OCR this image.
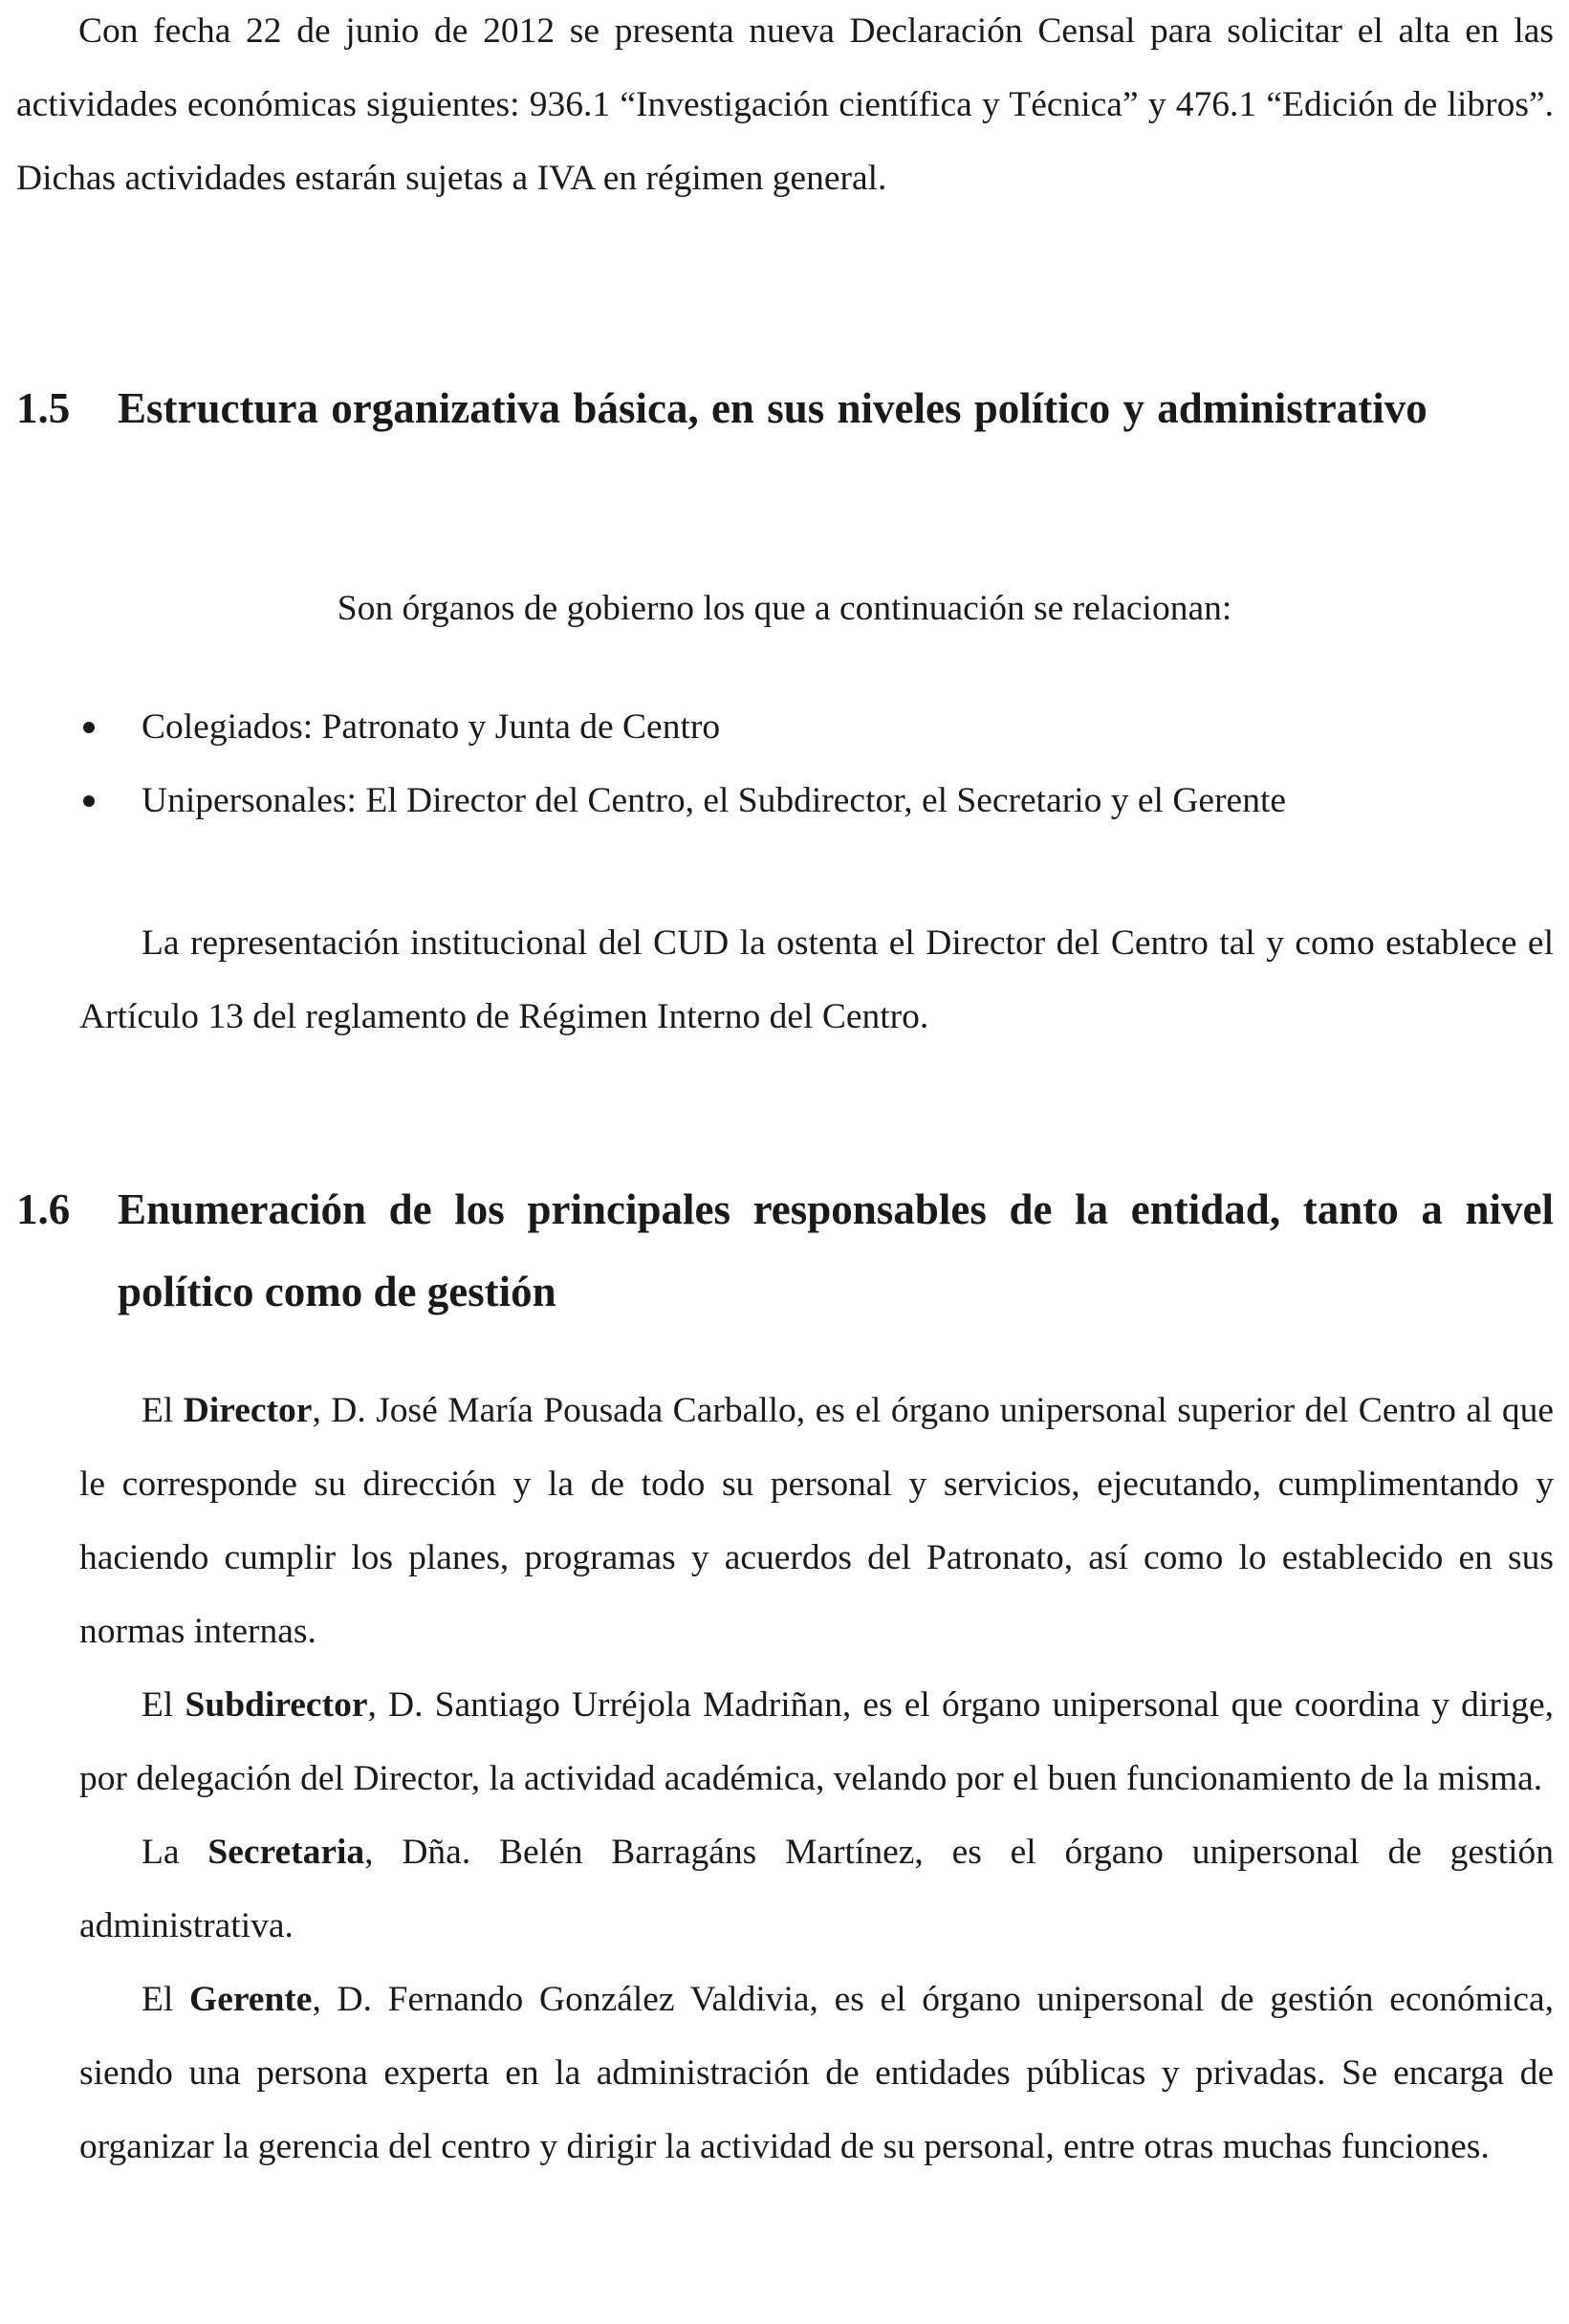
Con fecha 22 de junio de 2012 se presenta nueva Declaración Censal para solicitar el alta en las actividades económicas siguientes: 936.1 “Investigación científica y Técnica” y 476.1 “Edición de libros”. Dichas actividades estarán sujetas a IVA en régimen general.

1.5	Estructura organizativa básica, en sus niveles político y administrativo

Son órganos de gobierno los que a continuación se relacionan:

Colegiados: Patronato y Junta de Centro
Unipersonales: El Director del Centro, el Subdirector, el Secretario y el Gerente

La representación institucional del CUD la ostenta el Director del Centro tal y como establece el Artículo 13 del reglamento de Régimen Interno del Centro.

1.6	Enumeración de los principales responsables de la entidad, tanto a nivel político como de gestión

El Director, D. José María Pousada Carballo, es el órgano unipersonal superior del Centro al que le corresponde su dirección y la de todo su personal y servicios, ejecutando, cumplimentando y haciendo cumplir los planes, programas y acuerdos del Patronato, así como lo establecido en sus normas internas.

El Subdirector, D. Santiago Urréjola Madriñan, es el órgano unipersonal que coordina y dirige, por delegación del Director, la actividad académica, velando por el buen funcionamiento de la misma.

La Secretaria, Dña. Belén Barragáns Martínez, es el órgano unipersonal de gestión administrativa.

El Gerente, D. Fernando González Valdivia, es el órgano unipersonal de gestión económica, siendo una persona experta en la administración de entidades públicas y privadas. Se encarga de organizar la gerencia del centro y dirigir la actividad de su personal, entre otras muchas funciones.
